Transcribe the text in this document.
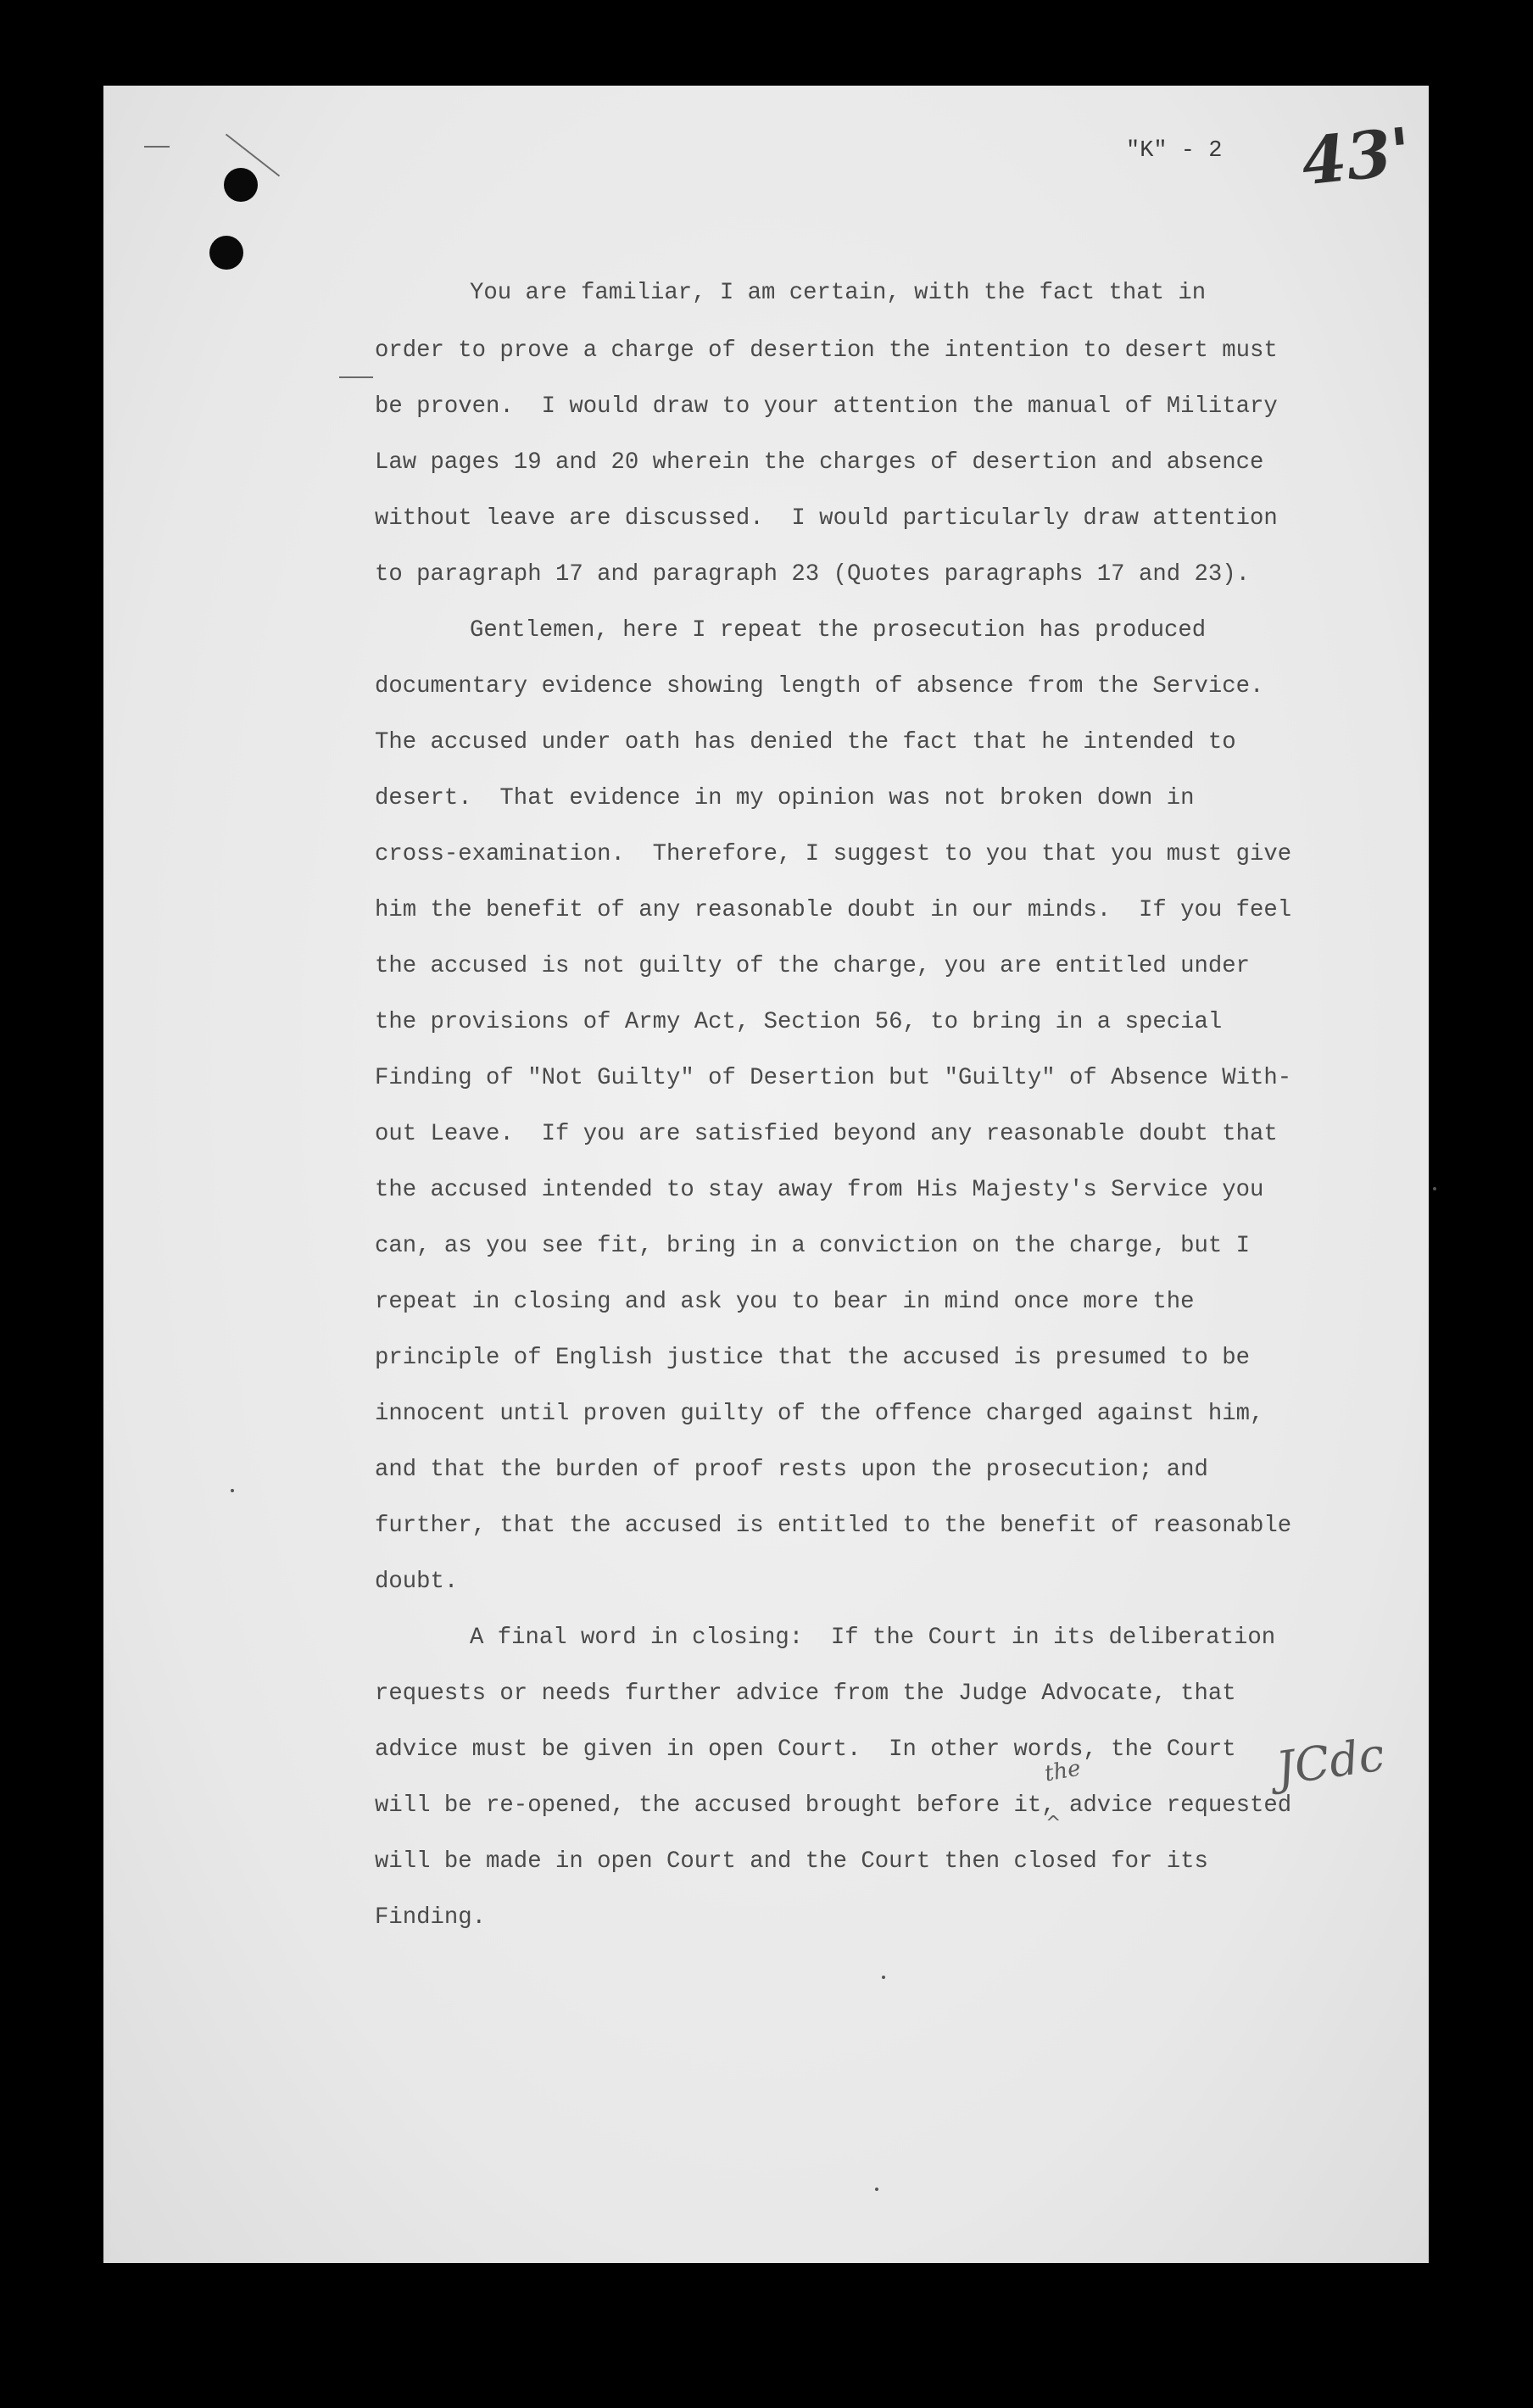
"K" - 2 43'
You are familiar, I am certain, with the fact that in
order to prove a charge of desertion the intention to desert must
be proven.  I would draw to your attention the manual of Military
Law pages 19 and 20 wherein the charges of desertion and absence
without leave are discussed.  I would particularly draw attention
to paragraph 17 and paragraph 23 (Quotes paragraphs 17 and 23).
Gentlemen, here I repeat the prosecution has produced
documentary evidence showing length of absence from the Service.
The accused under oath has denied the fact that he intended to
desert.  That evidence in my opinion was not broken down in
cross-examination.  Therefore, I suggest to you that you must give
him the benefit of any reasonable doubt in our minds.  If you feel
the accused is not guilty of the charge, you are entitled under
the provisions of Army Act, Section 56, to bring in a special
Finding of "Not Guilty" of Desertion but "Guilty" of Absence With-
out Leave.  If you are satisfied beyond any reasonable doubt that
the accused intended to stay away from His Majesty's Service you
can, as you see fit, bring in a conviction on the charge, but I
repeat in closing and ask you to bear in mind once more the
principle of English justice that the accused is presumed to be
innocent until proven guilty of the offence charged against him,
and that the burden of proof rests upon the prosecution; and
further, that the accused is entitled to the benefit of reasonable
doubt.
A final word in closing:  If the Court in its deliberation
requests or needs further advice from the Judge Advocate, that
advice must be given in open Court.  In other words, the Court
will be re-opened, the accused brought before it, advice requested
will be made in open Court and the Court then closed for its
Finding.
the
^
JCdc
